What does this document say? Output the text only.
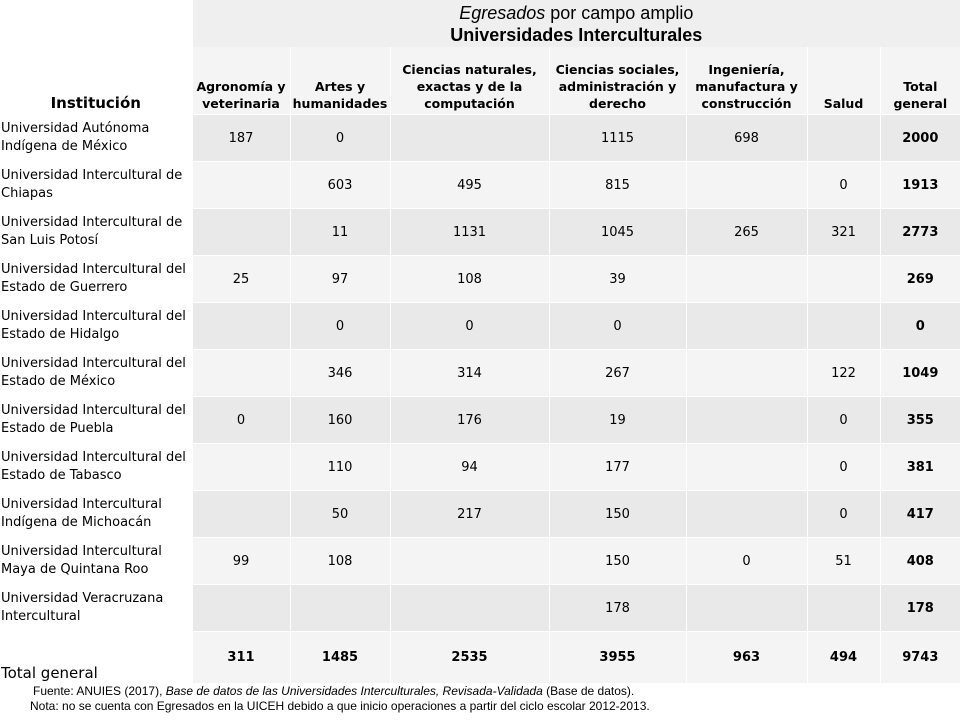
	Egresados por campo amplio
Universidades Interculturales						

Institución	Agronomía y veterinaria	Artes y humanidades	Ciencias naturales, exactas y de la computación	Ciencias sociales, administración y derecho	Ingeniería, manufactura y construcción	Salud	Total general
Universidad Autónoma Indígena de México	187	0		1115	698		2000
Universidad Intercultural de Chiapas		603	495	815		0	1913
Universidad Intercultural de San Luis Potosí		11	1131	1045	265	321	2773
Universidad Intercultural del Estado de Guerrero	25	97	108	39			269
Universidad Intercultural del Estado de Hidalgo		0	0	0			0
Universidad Intercultural del Estado de México		346	314	267		122	1049
Universidad Intercultural del Estado de Puebla	0	160	176	19		0	355
Universidad Intercultural del Estado de Tabasco		110	94	177		0	381
Universidad Intercultural Indígena de Michoacán		50	217	150		0	417
Universidad Intercultural Maya de Quintana Roo	99	108		150	0	51	408
Universidad Veracruzana Intercultural				178			178
Total general	311	1485	2535	3955	963	494	9743
Fuente: ANUIES (2017), Base de datos de las Universidades Interculturales, Revisada-Validada (Base de datos).
Nota: no se cuenta con Egresados en la UICEH debido a que inicio operaciones a partir del ciclo escolar 2012-2013.
